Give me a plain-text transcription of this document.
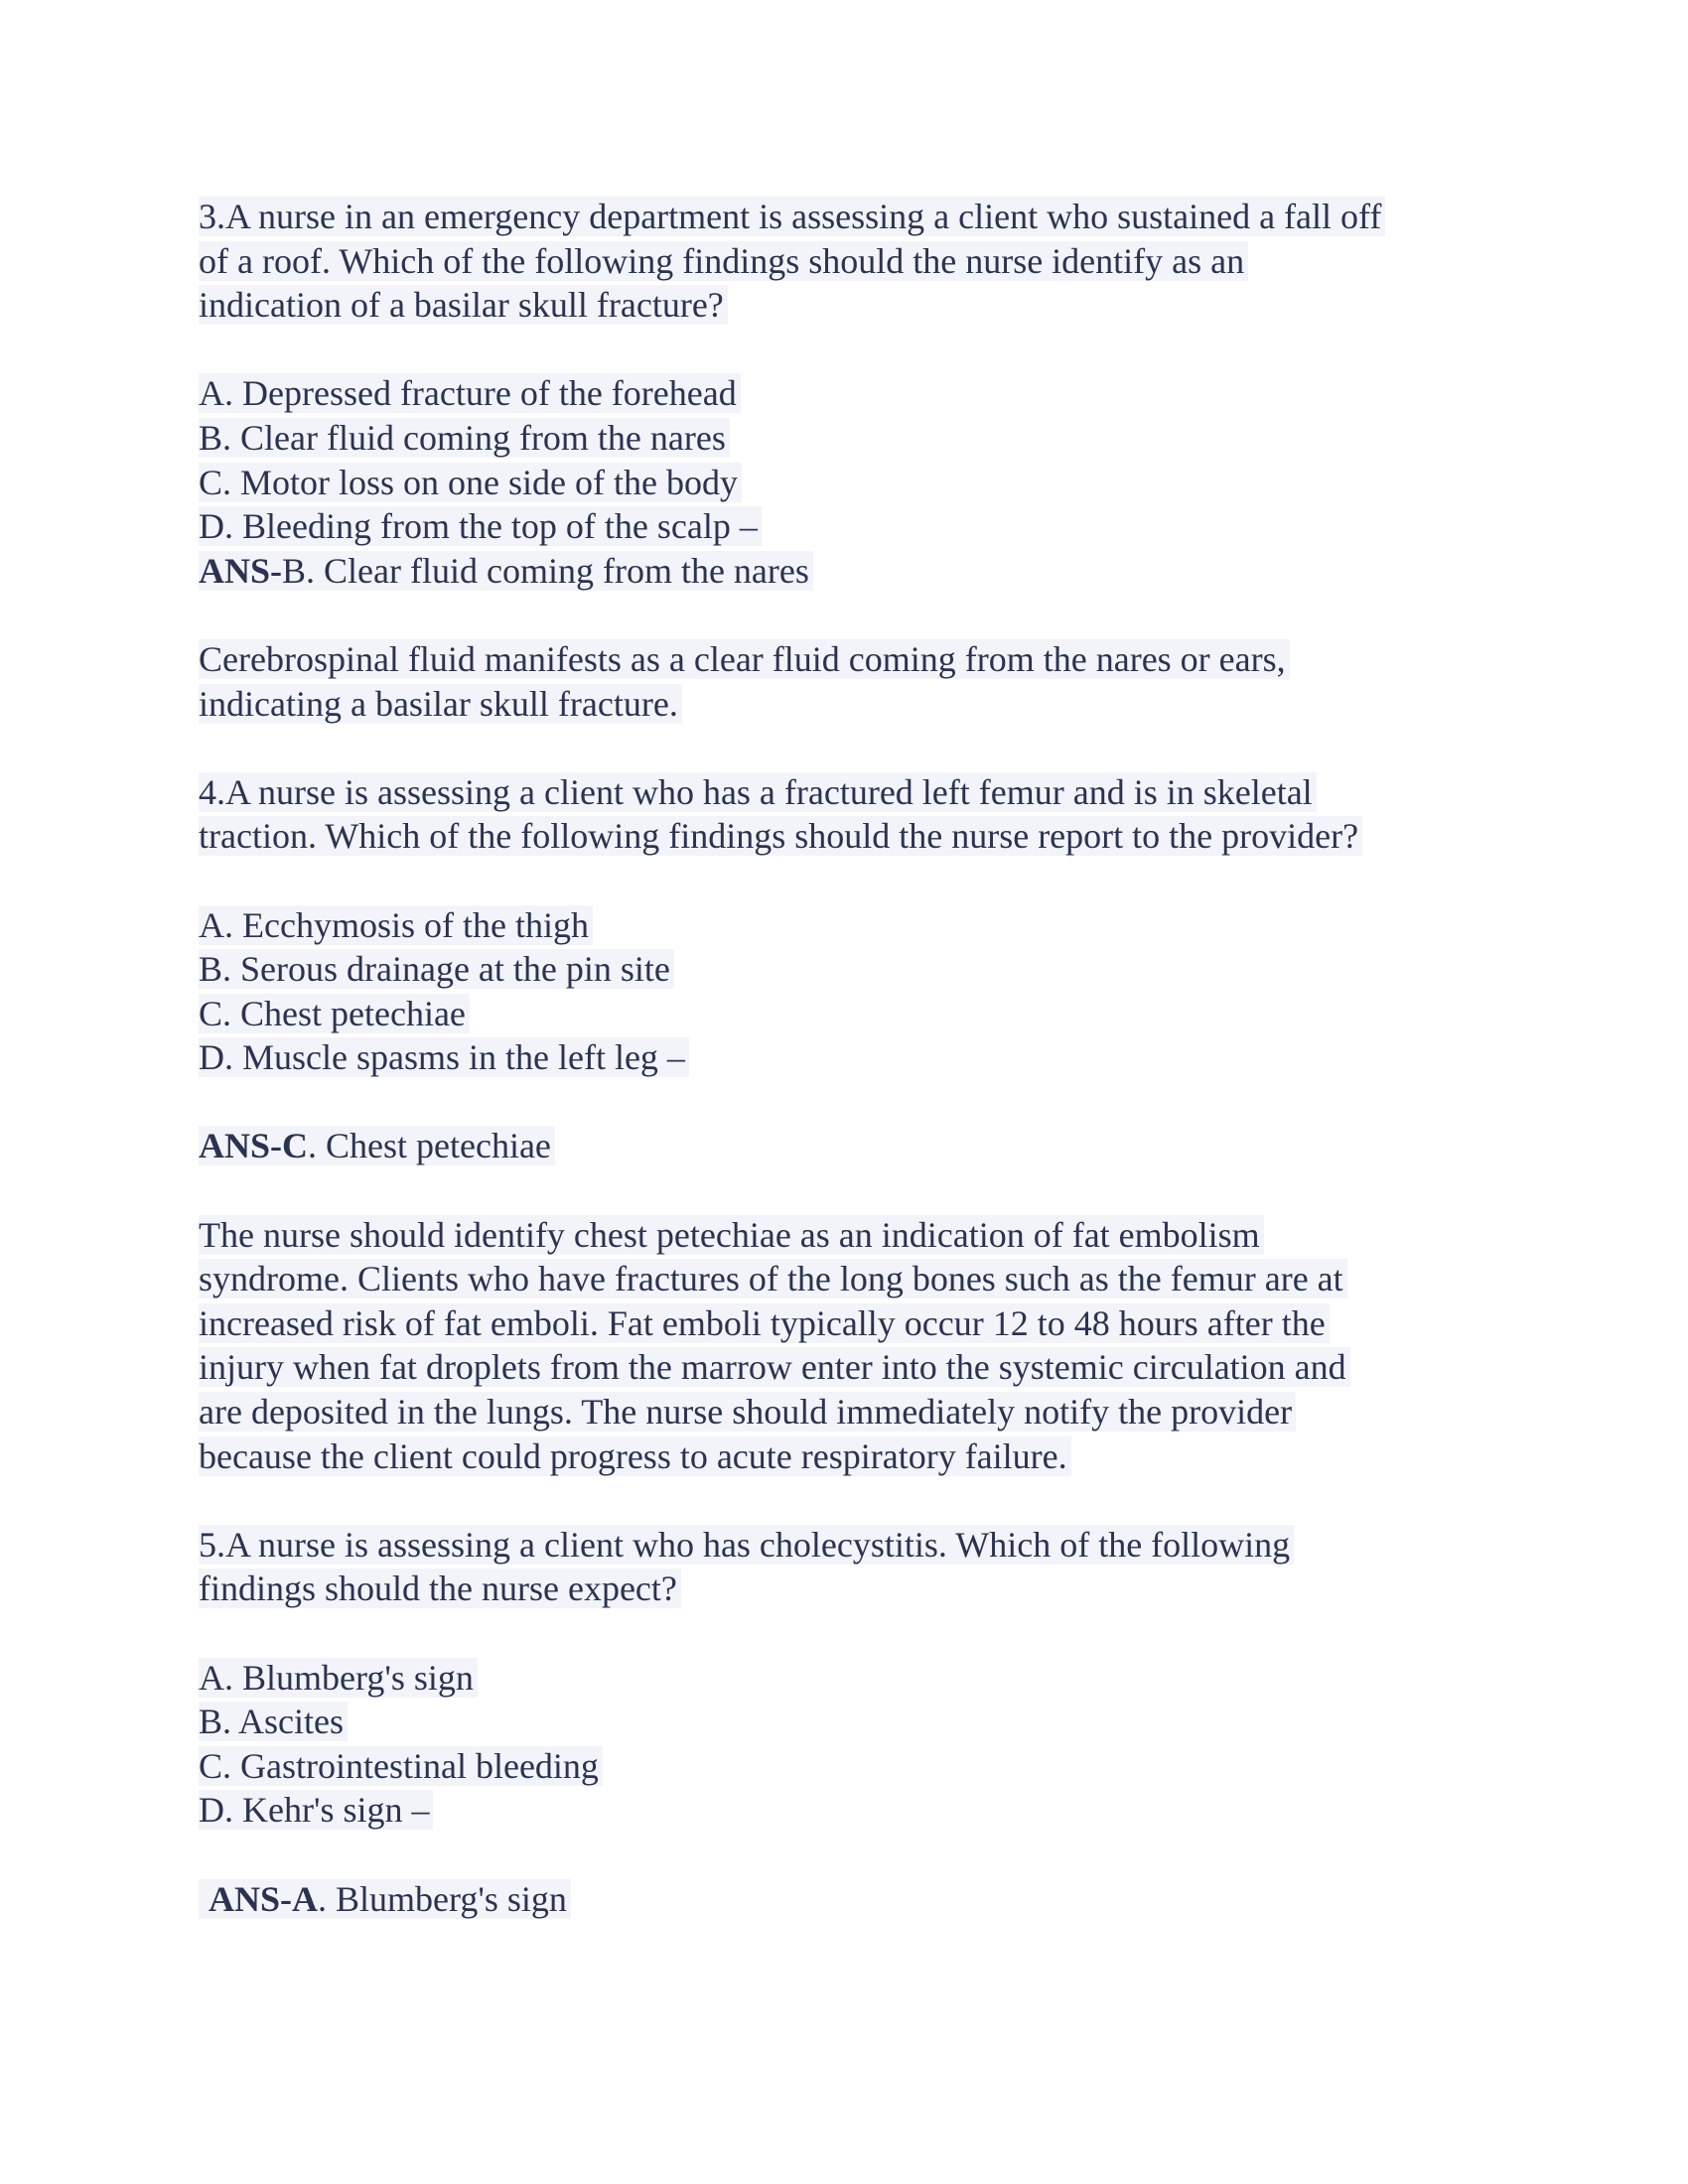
3.A nurse in an emergency department is assessing a client who sustained a fall off
of a roof. Which of the following findings should the nurse identify as an
indication of a basilar skull fracture?
A. Depressed fracture of the forehead
B. Clear fluid coming from the nares
C. Motor loss on one side of the body
D. Bleeding from the top of the scalp –
ANS-B. Clear fluid coming from the nares
Cerebrospinal fluid manifests as a clear fluid coming from the nares or ears,
indicating a basilar skull fracture.
4.A nurse is assessing a client who has a fractured left femur and is in skeletal
traction. Which of the following findings should the nurse report to the provider?
A. Ecchymosis of the thigh
B. Serous drainage at the pin site
C. Chest petechiae
D. Muscle spasms in the left leg –
ANS-C. Chest petechiae
The nurse should identify chest petechiae as an indication of fat embolism
syndrome. Clients who have fractures of the long bones such as the femur are at
increased risk of fat emboli. Fat emboli typically occur 12 to 48 hours after the
injury when fat droplets from the marrow enter into the systemic circulation and
are deposited in the lungs. The nurse should immediately notify the provider
because the client could progress to acute respiratory failure.
5.A nurse is assessing a client who has cholecystitis. Which of the following
findings should the nurse expect?
A. Blumberg's sign
B. Ascites
C. Gastrointestinal bleeding
D. Kehr's sign –
ANS-A. Blumberg's sign
